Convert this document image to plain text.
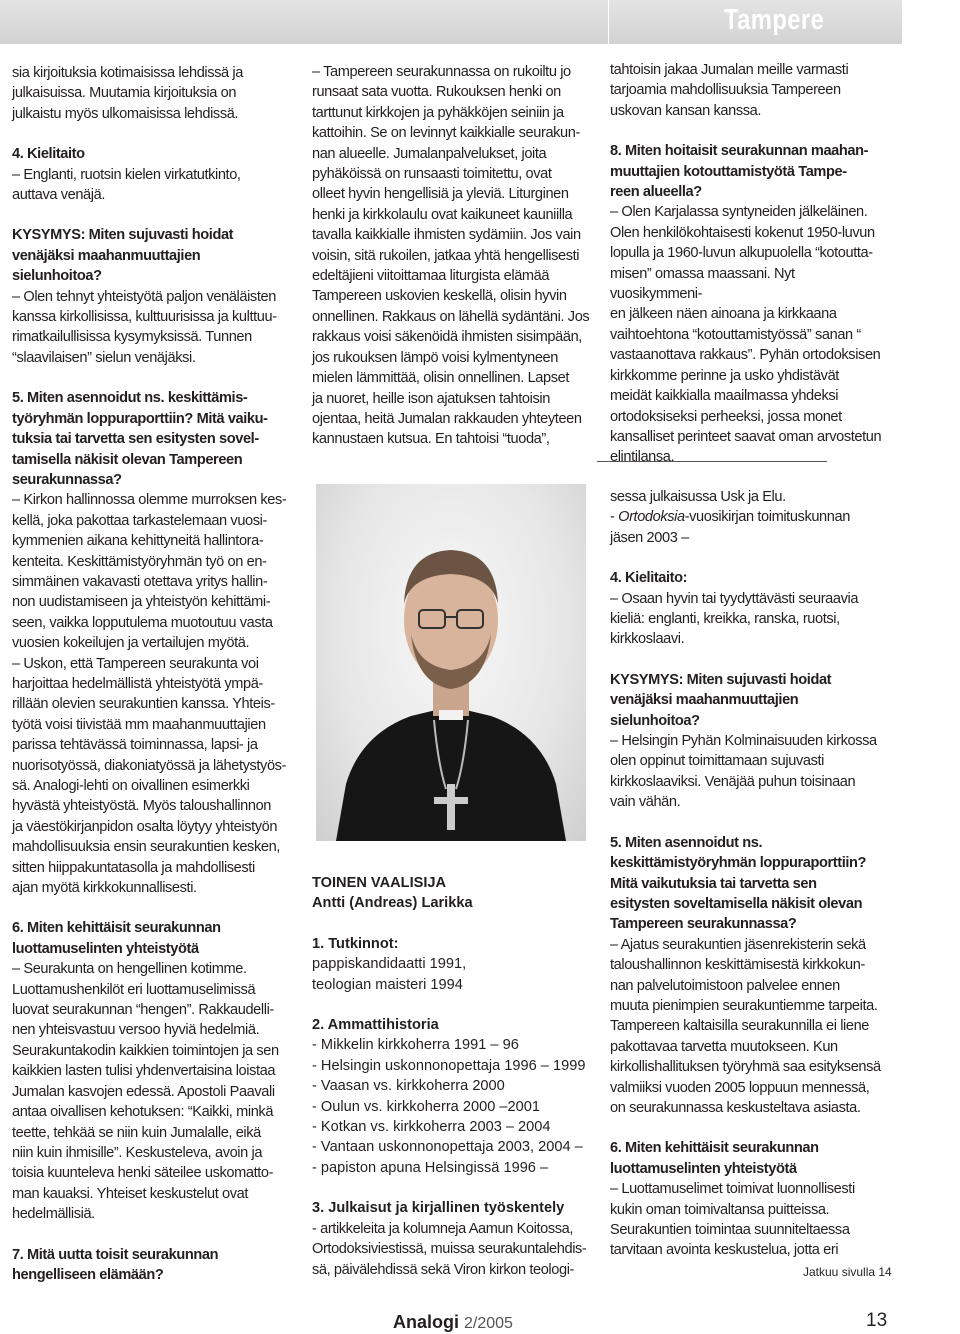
Tampere

sia kirjoituksia kotimaisissa lehdissä ja

julkaisuissa. Muutamia kirjoituksia on

julkaistu myös ulkomaisissa lehdissä.

4. Kielitaito

– Englanti, ruotsin kielen virkatutkinto,

auttava venäjä.

KYSYMYS: Miten sujuvasti hoidat

venäjäksi maahanmuuttajien

sielunhoitoa?

– Olen tehnyt yhteistyötä paljon venäläisten

kanssa kirkollisissa, kulttuurisissa ja kulttuu-

rimatkailullisissa kysymyksissä. Tunnen

“slaavilaisen” sielun venäjäksi.

5. Miten asennoidut ns. keskittämis-

työryhmän loppuraporttiin? Mitä vaiku-

tuksia tai tarvetta sen esitysten sovel-

tamisella näkisit olevan Tampereen

seurakunnassa?

– Kirkon hallinnossa olemme murroksen kes-

kellä, joka pakottaa tarkastelemaan vuosi-

kymmenien aikana kehittyneitä hallintora-

kenteita. Keskittämistyöryhmän työ on en-

simmäinen vakavasti otettava yritys hallin-

non uudistamiseen ja yhteistyön kehittämi-

seen, vaikka lopputulema muotoutuu vasta

vuosien kokeilujen ja vertailujen myötä.

– Uskon, että Tampereen seurakunta voi

harjoittaa hedelmällistä yhteistyötä ympä-

rillään olevien seurakuntien kanssa. Yhteis-

työtä voisi tiivistää mm maahanmuuttajien

parissa tehtävässä toiminnassa, lapsi- ja

nuorisotyössä, diakoniatyössä ja lähetystyös-

sä. Analogi-lehti on oivallinen esimerkki

hyvästä yhteistyöstä. Myös taloushallinnon

ja väestökirjanpidon osalta löytyy yhteistyön

mahdollisuuksia ensin seurakuntien kesken,

sitten hiippakuntatasolla ja mahdollisesti

ajan myötä kirkkokunnallisesti.

6. Miten kehittäisit seurakunnan

luottamuselinten yhteistyötä

– Seurakunta on hengellinen kotimme.

Luottamushenkilöt eri luottamuselimissä

luovat seurakunnan “hengen”. Rakkaudelli-

nen yhteisvastuu versoo hyviä hedelmiä.

Seurakuntakodin kaikkien toimintojen ja sen

kaikkien lasten tulisi yhdenvertaisina loistaa

Jumalan kasvojen edessä. Apostoli Paavali

antaa oivallisen kehotuksen: “Kaikki, minkä

teette, tehkää se niin kuin Jumalalle, eikä

niin kuin ihmisille”. Keskusteleva, avoin ja

toisia kuunteleva henki säteilee uskomatto-

man kauaksi. Yhteiset keskustelut ovat

hedelmällisiä.

7. Mitä uutta toisit seurakunnan

hengelliseen elämään?

– Tampereen seurakunnassa on rukoiltu jo

runsaat sata vuotta. Rukouksen henki on

tarttunut kirkkojen ja pyhäkköjen seiniin ja

kattoihin. Se on levinnyt kaikkialle seurakun-

nan alueelle. Jumalanpalvelukset, joita

pyhäköissä on runsaasti toimitettu, ovat

olleet hyvin hengellisiä ja yleviä. Liturginen

henki ja kirkkolaulu ovat kaikuneet kauniilla

tavalla kaikkialle ihmisten sydämiin. Jos vain

voisin, sitä rukoilen, jatkaa yhtä hengellisesti

edeltäjieni viitoittamaa liturgista elämää

Tampereen uskovien keskellä, olisin hyvin

onnellinen. Rakkaus on lähellä sydäntäni. Jos

rakkaus voisi säkenöidä ihmisten sisimpään,

jos rukouksen lämpö voisi kylmentyneen

mielen lämmittää, olisin onnellinen. Lapset

ja nuoret, heille ison ajatuksen tahtoisin

ojentaa, heitä Jumalan rakkauden yhteyteen

kannustaen kutsua. En tahtoisi “tuoda”,

TOINEN VAALISIJA

Antti (Andreas) Larikka

1. Tutkinnot:

pappiskandidaatti 1991,

teologian maisteri 1994

2. Ammattihistoria

- Mikkelin kirkkoherra 1991 – 96

- Helsingin uskonnonopettaja 1996 – 1999

- Vaasan vs. kirkkoherra 2000

- Oulun vs. kirkkoherra 2000 –2001

- Kotkan vs. kirkkoherra 2003 – 2004

- Vantaan uskonnonopettaja 2003, 2004 –

- papiston apuna Helsingissä 1996 –

3. Julkaisut ja kirjallinen työskentely

- artikkeleita ja kolumneja Aamun Koitossa,

Ortodoksiviestissä, muissa seurakuntalehdis-

sä, päivälehdissä sekä Viron kirkon teologi-

tahtoisin jakaa Jumalan meille varmasti

tarjoamia mahdollisuuksia Tampereen

uskovan kansan kanssa.

8. Miten hoitaisit seurakunnan maahan-

muuttajien kotouttamistyötä Tampe-

reen alueella?

– Olen Karjalassa syntyneiden jälkeläinen.

Olen henkilökohtaisesti kokenut 1950-luvun

lopulla ja 1960-luvun alkupuolella “kotoutta-

misen” omassa maassani. Nyt vuosikymmeni-

en jälkeen näen ainoana ja kirkkaana

vaihtoehtona “kotouttamistyössä” sanan “

vastaanottava rakkaus”. Pyhän ortodoksisen

kirkkomme perinne ja usko yhdistävät

meidät kaikkialla maailmassa yhdeksi

ortodoksiseksi perheeksi, jossa monet

kansalliset perinteet saavat oman arvostetun

elintilansa.

sessa julkaisussa Usk ja Elu.

- Ortodoksia-vuosikirjan toimituskunnan

jäsen 2003 –

4. Kielitaito:

– Osaan hyvin tai tyydyttävästi seuraavia

kieliä: englanti, kreikka, ranska, ruotsi,

kirkkoslaavi.

KYSYMYS: Miten sujuvasti hoidat

venäjäksi maahanmuuttajien

sielunhoitoa?

– Helsingin Pyhän Kolminaisuuden kirkossa

olen oppinut toimittamaan sujuvasti

kirkkoslaaviksi. Venäjää puhun toisinaan

vain vähän.

5. Miten asennoidut ns.

keskittämistyöryhmän loppuraporttiin?

Mitä vaikutuksia tai tarvetta sen

esitysten soveltamisella näkisit olevan

Tampereen seurakunnassa?

– Ajatus seurakuntien jäsenrekisterin sekä

taloushallinnon keskittämisestä kirkkokun-

nan palvelutoimistoon palvelee ennen

muuta pienimpien seurakuntiemme tarpeita.

Tampereen kaltaisilla seurakunnilla ei liene

pakottavaa tarvetta muutokseen. Kun

kirkollishallituksen työryhmä saa esityksensä

valmiiksi vuoden 2005 loppuun mennessä,

on seurakunnassa keskusteltava asiasta.

6. Miten kehittäisit seurakunnan

luottamuselinten yhteistyötä

– Luottamuselimet toimivat luonnollisesti

kukin oman toimivaltansa puitteissa.

Seurakuntien toimintaa suunniteltaessa

tarvitaan avointa keskustelua, jotta eri

Jatkuu sivulla 14
Analogi 2/2005	13
